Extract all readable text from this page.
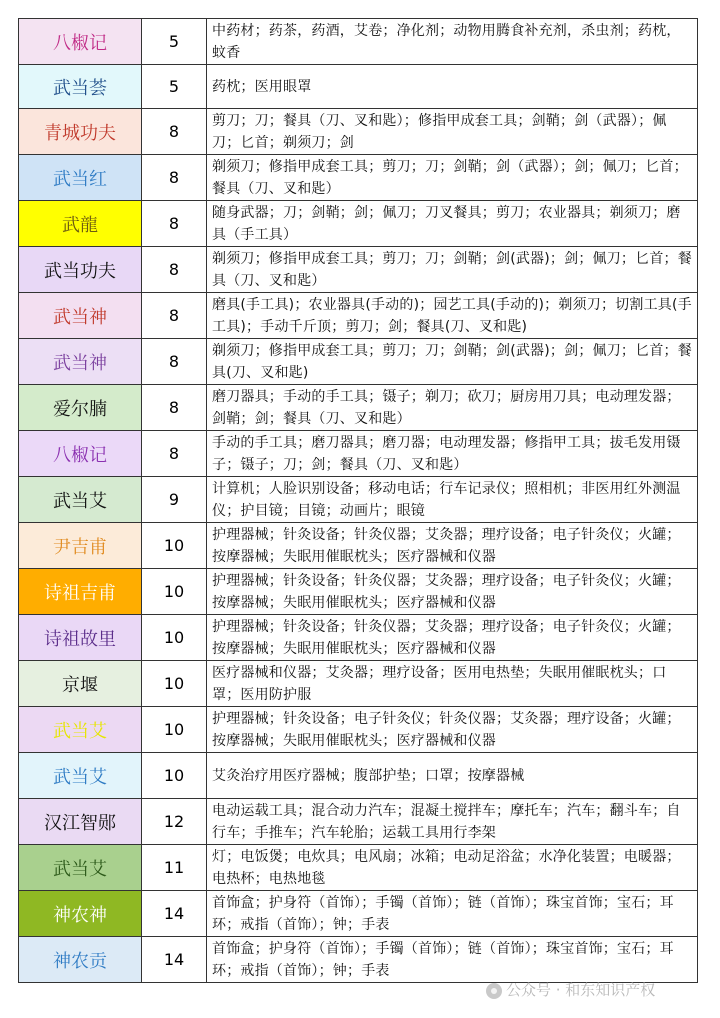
八椒记	5	中药材；药茶，药酒，艾卷；净化剂；动物用腾食补充剂，杀虫剂；药枕，蚊香
武当荟	5	药枕；医用眼罩
青城功夫	8	剪刀；刀；餐具（刀、叉和匙）；修指甲成套工具；剑鞘；剑（武器）；佩刀；匕首；剃须刀；剑
武当红	8	剃须刀；修指甲成套工具；剪刀；刀；剑鞘；剑（武器）；剑；佩刀；匕首；餐具（刀、叉和匙）
武龍	8	随身武器；刀；剑鞘；剑；佩刀；刀叉餐具；剪刀；农业器具；剃须刀；磨具（手工具）
武当功夫	8	剃须刀；修指甲成套工具；剪刀；刀；剑鞘；剑(武器)；剑；佩刀；匕首；餐具（刀、叉和匙）
武当神	8	磨具(手工具)；农业器具(手动的)；园艺工具(手动的)；剃须刀；切割工具(手工具)；手动千斤顶；剪刀；剑；餐具(刀、叉和匙)
武当神	8	剃须刀；修指甲成套工具；剪刀；刀；剑鞘；剑(武器)；剑；佩刀；匕首；餐具(刀、叉和匙)
爱尔腩	8	磨刀器具；手动的手工具；镊子；剃刀；砍刀；厨房用刀具；电动理发器；剑鞘；剑；餐具（刀、叉和匙）
八椒记	8	手动的手工具；磨刀器具；磨刀器；电动理发器；修指甲工具；拔毛发用镊子；镊子；刀；剑；餐具（刀、叉和匙）
武当艾	9	计算机；人脸识别设备；移动电话；行车记录仪；照相机；非医用红外测温仪；护目镜；目镜；动画片；眼镜
尹吉甫	10	护理器械；针灸设备；针灸仪器；艾灸器；理疗设备；电子针灸仪；火罐；按摩器械；失眠用催眠枕头；医疗器械和仪器
诗祖吉甫	10	护理器械；针灸设备；针灸仪器；艾灸器；理疗设备；电子针灸仪；火罐；按摩器械；失眠用催眠枕头；医疗器械和仪器
诗祖故里	10	护理器械；针灸设备；针灸仪器；艾灸器；理疗设备；电子针灸仪；火罐；按摩器械；失眠用催眠枕头；医疗器械和仪器
京堰	10	医疗器械和仪器；艾灸器；理疗设备；医用电热垫；失眠用催眠枕头；口罩；医用防护服
武当艾	10	护理器械；针灸设备；电子针灸仪；针灸仪器；艾灸器；理疗设备；火罐；按摩器械；失眠用催眠枕头；医疗器械和仪器
武当艾	10	艾灸治疗用医疗器械；腹部护垫；口罩；按摩器械
汉江智郧	12	电动运载工具；混合动力汽车；混凝土搅拌车；摩托车；汽车；翻斗车；自行车；手推车；汽车轮胎；运载工具用行李架
武当艾	11	灯；电饭煲；电炊具；电风扇；冰箱；电动足浴盆；水净化装置；电暖器；电热杯；电热地毯
神农神	14	首饰盒；护身符（首饰）；手镯（首饰）；链（首饰）；珠宝首饰；宝石；耳环；戒指（首饰）；钟；手表
神农贡	14	首饰盒；护身符（首饰）；手镯（首饰）；链（首饰）；珠宝首饰；宝石；耳环；戒指（首饰）；钟；手表
公众号 · 和东知识产权
